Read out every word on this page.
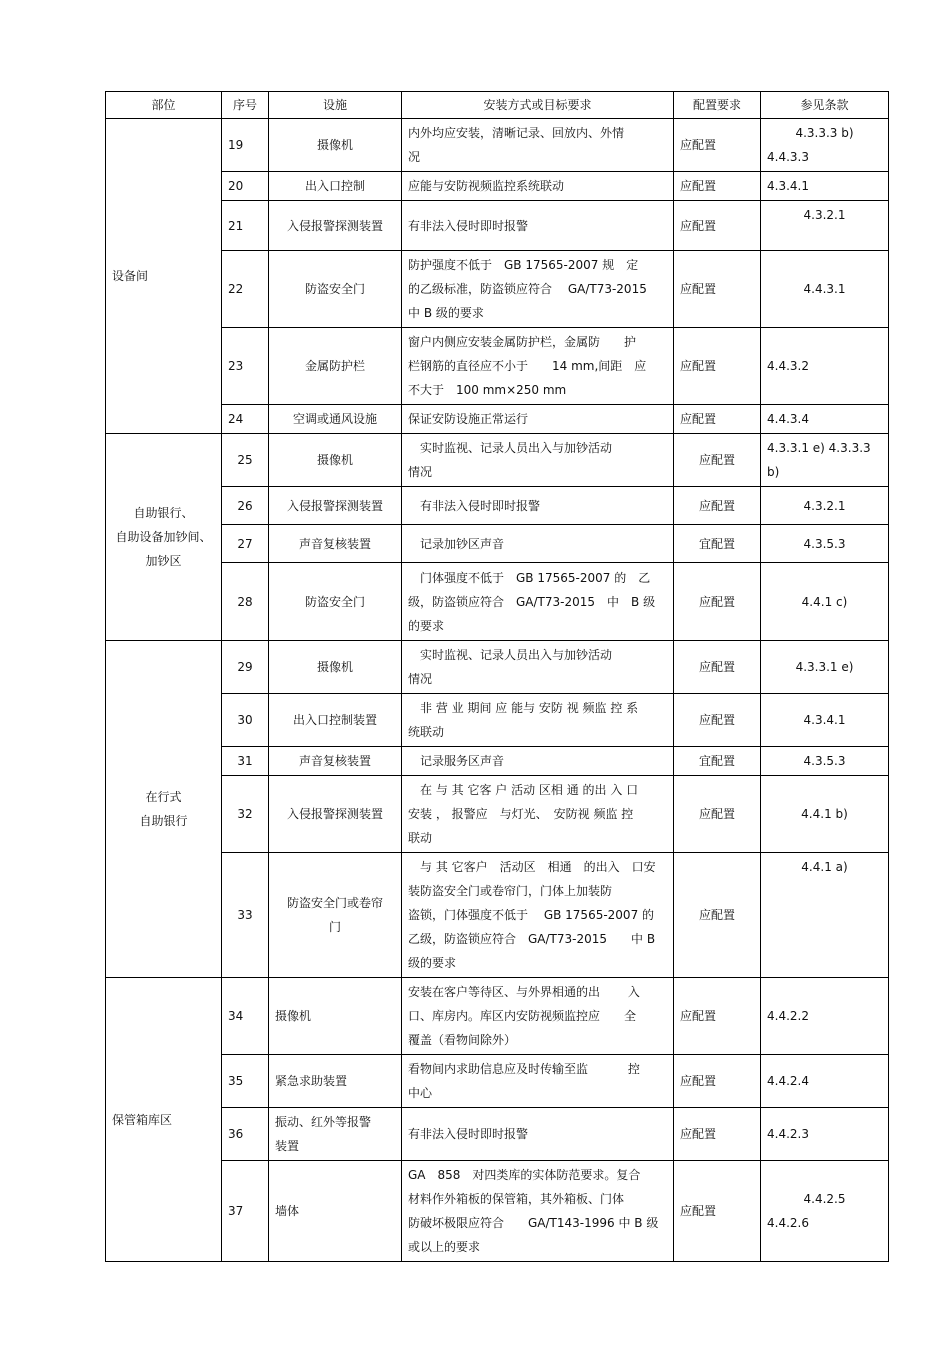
部位	序号	设施	安装方式或目标要求	配置要求	参见条款
设备间	19	摄像机	内外均应安装，清晰记录、回放内、外情
况	应配置	4.3.3.3 b)
4.4.3.3

	20	出入口控制	应能与安防视频监控系统联动	应配置	4.3.4.1

	21	入侵报警探测装置	有非法入侵时即时报警	应配置	4.3.2.1

	22	防盗安全门	防护强度不低于　GB 17565-2007 规　定
的乙级标准，防盗锁应符合　 GA/T73-2015
中 B 级的要求	应配置	4.4.3.1

	23	金属防护栏	窗户内侧应安装金属防护栏，金属防　　护
栏钢筋的直径应不小于　　14 mm,间距　应
不大于　100 mm×250 mm	应配置	4.4.3.2

	24	空调或通风设施	保证安防设施正常运行	应配置	4.4.3.4

自助银行、
自助设备加钞间、
加钞区	25	摄像机	　实时监视、记录人员出入与加钞活动
情况	应配置	4.3.3.1 e) 4.3.3.3 b)

	26	入侵报警探测装置	　有非法入侵时即时报警	应配置	4.3.2.1

	27	声音复核装置	　记录加钞区声音	宜配置	4.3.5.3

	28	防盗安全门	　门体强度不低于　GB 17565-2007 的　乙
级，防盗锁应符合　GA/T73-2015　中　B 级
的要求	应配置	4.4.1 c)

在行式
自助银行	29	摄像机	　实时监视、记录人员出入与加钞活动
情况	应配置	4.3.3.1 e)

	30	出入口控制装置	　非 营 业 期间 应 能与 安防 视 频监 控 系
统联动	应配置	4.3.4.1

	31	声音复核装置	　记录服务区声音	宜配置	4.3.5.3

	32	入侵报警探测装置	　在 与 其 它客 户 活动 区相 通 的出 入 口
安装 ， 报警应　与灯光、　安防视 频监 控
联动	应配置	4.4.1 b)

	33	防盗安全门或卷帘
门	　与 其 它客户　活动区　相通　的出入　口安
装防盗安全门或卷帘门，门体上加装防
盗锁，门体强度不低于　 GB 17565-2007 的
乙级，防盗锁应符合　GA/T73-2015　　中 B
级的要求	应配置	4.4.1 a)

保管箱库区	34	摄像机	安装在客户等待区、与外界相通的出　　 入
口、库房内。库区内安防视频监控应　　全
覆盖（看物间除外）	应配置	4.4.2.2

	35	紧急求助装置	看物间内求助信息应及时传输至监　　　 控
中心	应配置	4.4.2.4

	36	振动、红外等报警
装置	有非法入侵时即时报警	应配置	4.4.2.3

	37	墙体	GA　858　对四类库的实体防范要求。复合
材料作外箱板的保管箱，其外箱板、门体
防破坏极限应符合　　GA/T143-1996 中 B 级
或以上的要求	应配置	4.4.2.5
4.4.2.6
